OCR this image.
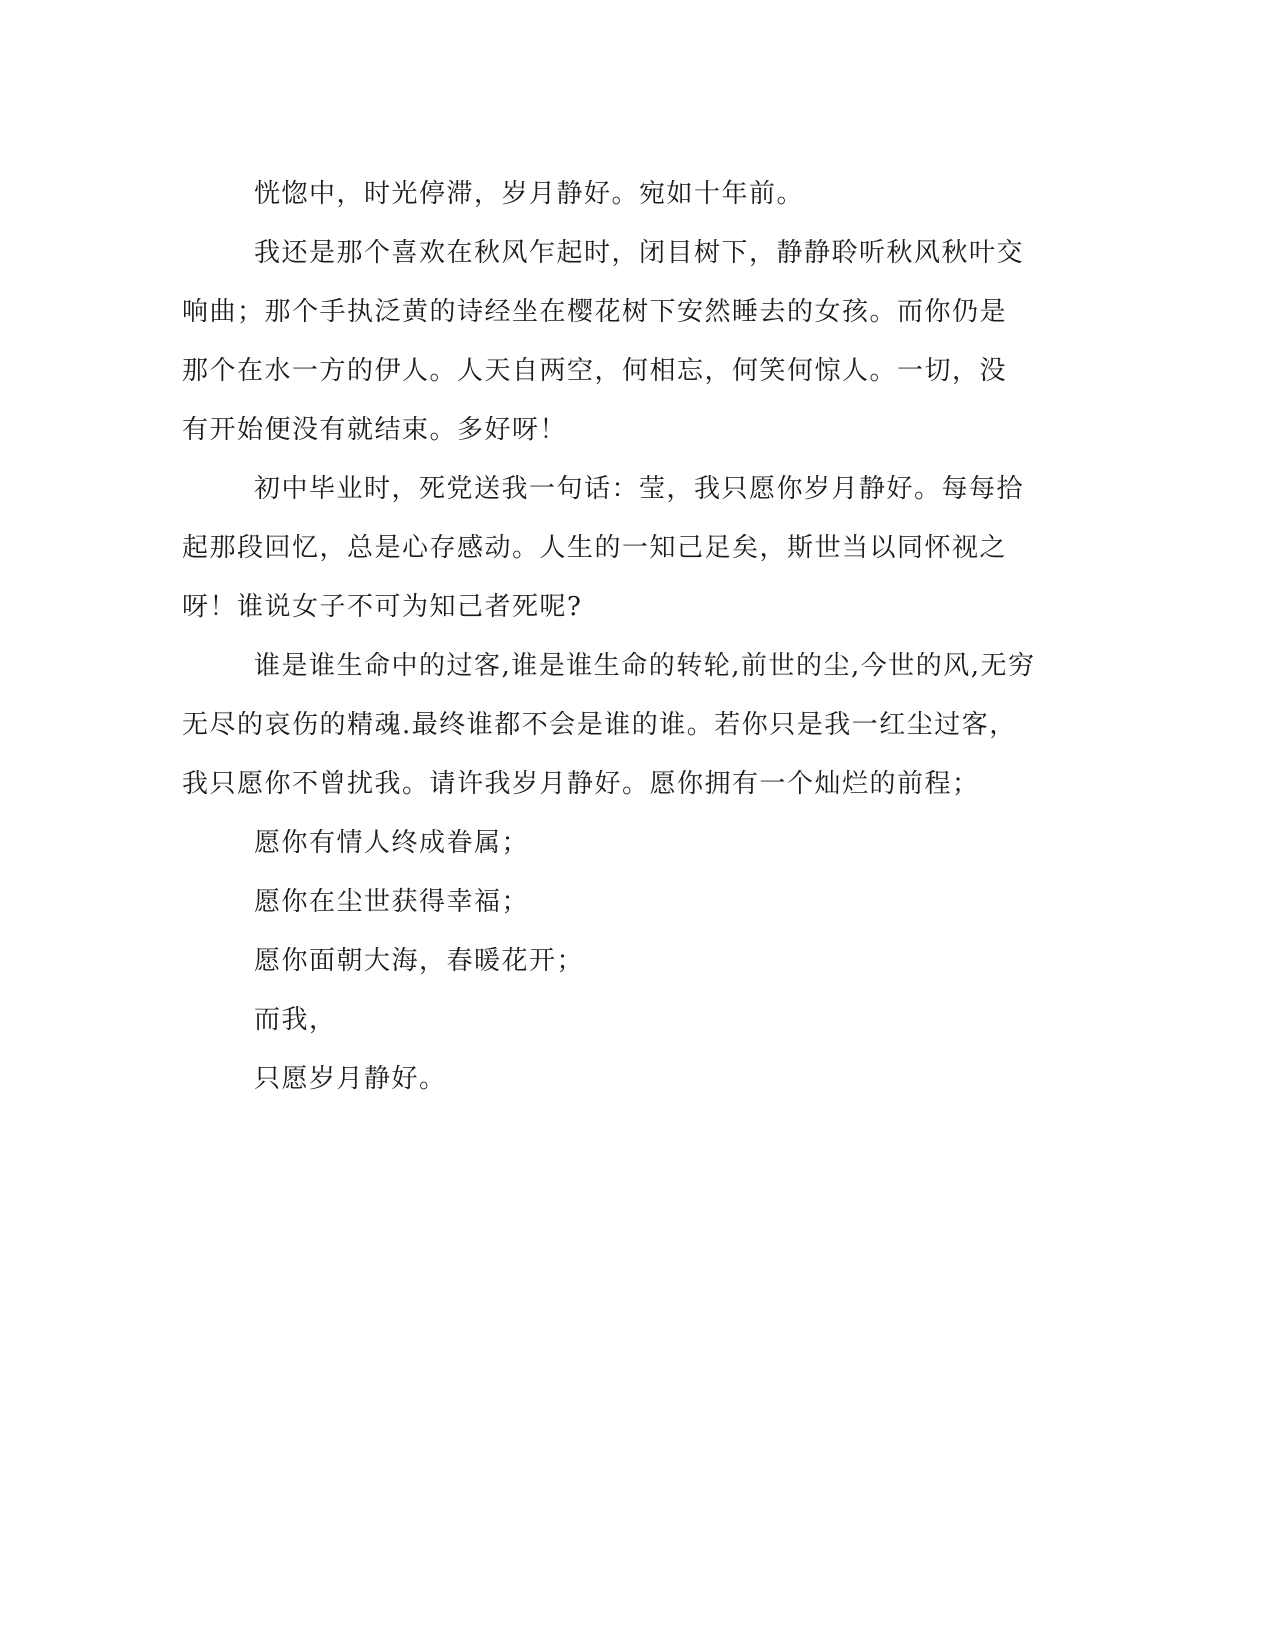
恍惚中，时光停滞，岁月静好。宛如十年前。
我还是那个喜欢在秋风乍起时，闭目树下，静静聆听秋风秋叶交
响曲；那个手执泛黄的诗经坐在樱花树下安然睡去的女孩。而你仍是
那个在水一方的伊人。人天自两空，何相忘，何笑何惊人。一切，没
有开始便没有就结束。多好呀！
初中毕业时，死党送我一句话：莹，我只愿你岁月静好。每每拾
起那段回忆，总是心存感动。人生的一知己足矣，斯世当以同怀视之
呀！谁说女子不可为知己者死呢?
谁是谁生命中的过客,谁是谁生命的转轮,前世的尘,今世的风,无穷
无尽的哀伤的精魂.最终谁都不会是谁的谁。若你只是我一红尘过客，
我只愿你不曾扰我。请许我岁月静好。愿你拥有一个灿烂的前程；
愿你有情人终成眷属；
愿你在尘世获得幸福；
愿你面朝大海，春暖花开；
而我，
只愿岁月静好。
